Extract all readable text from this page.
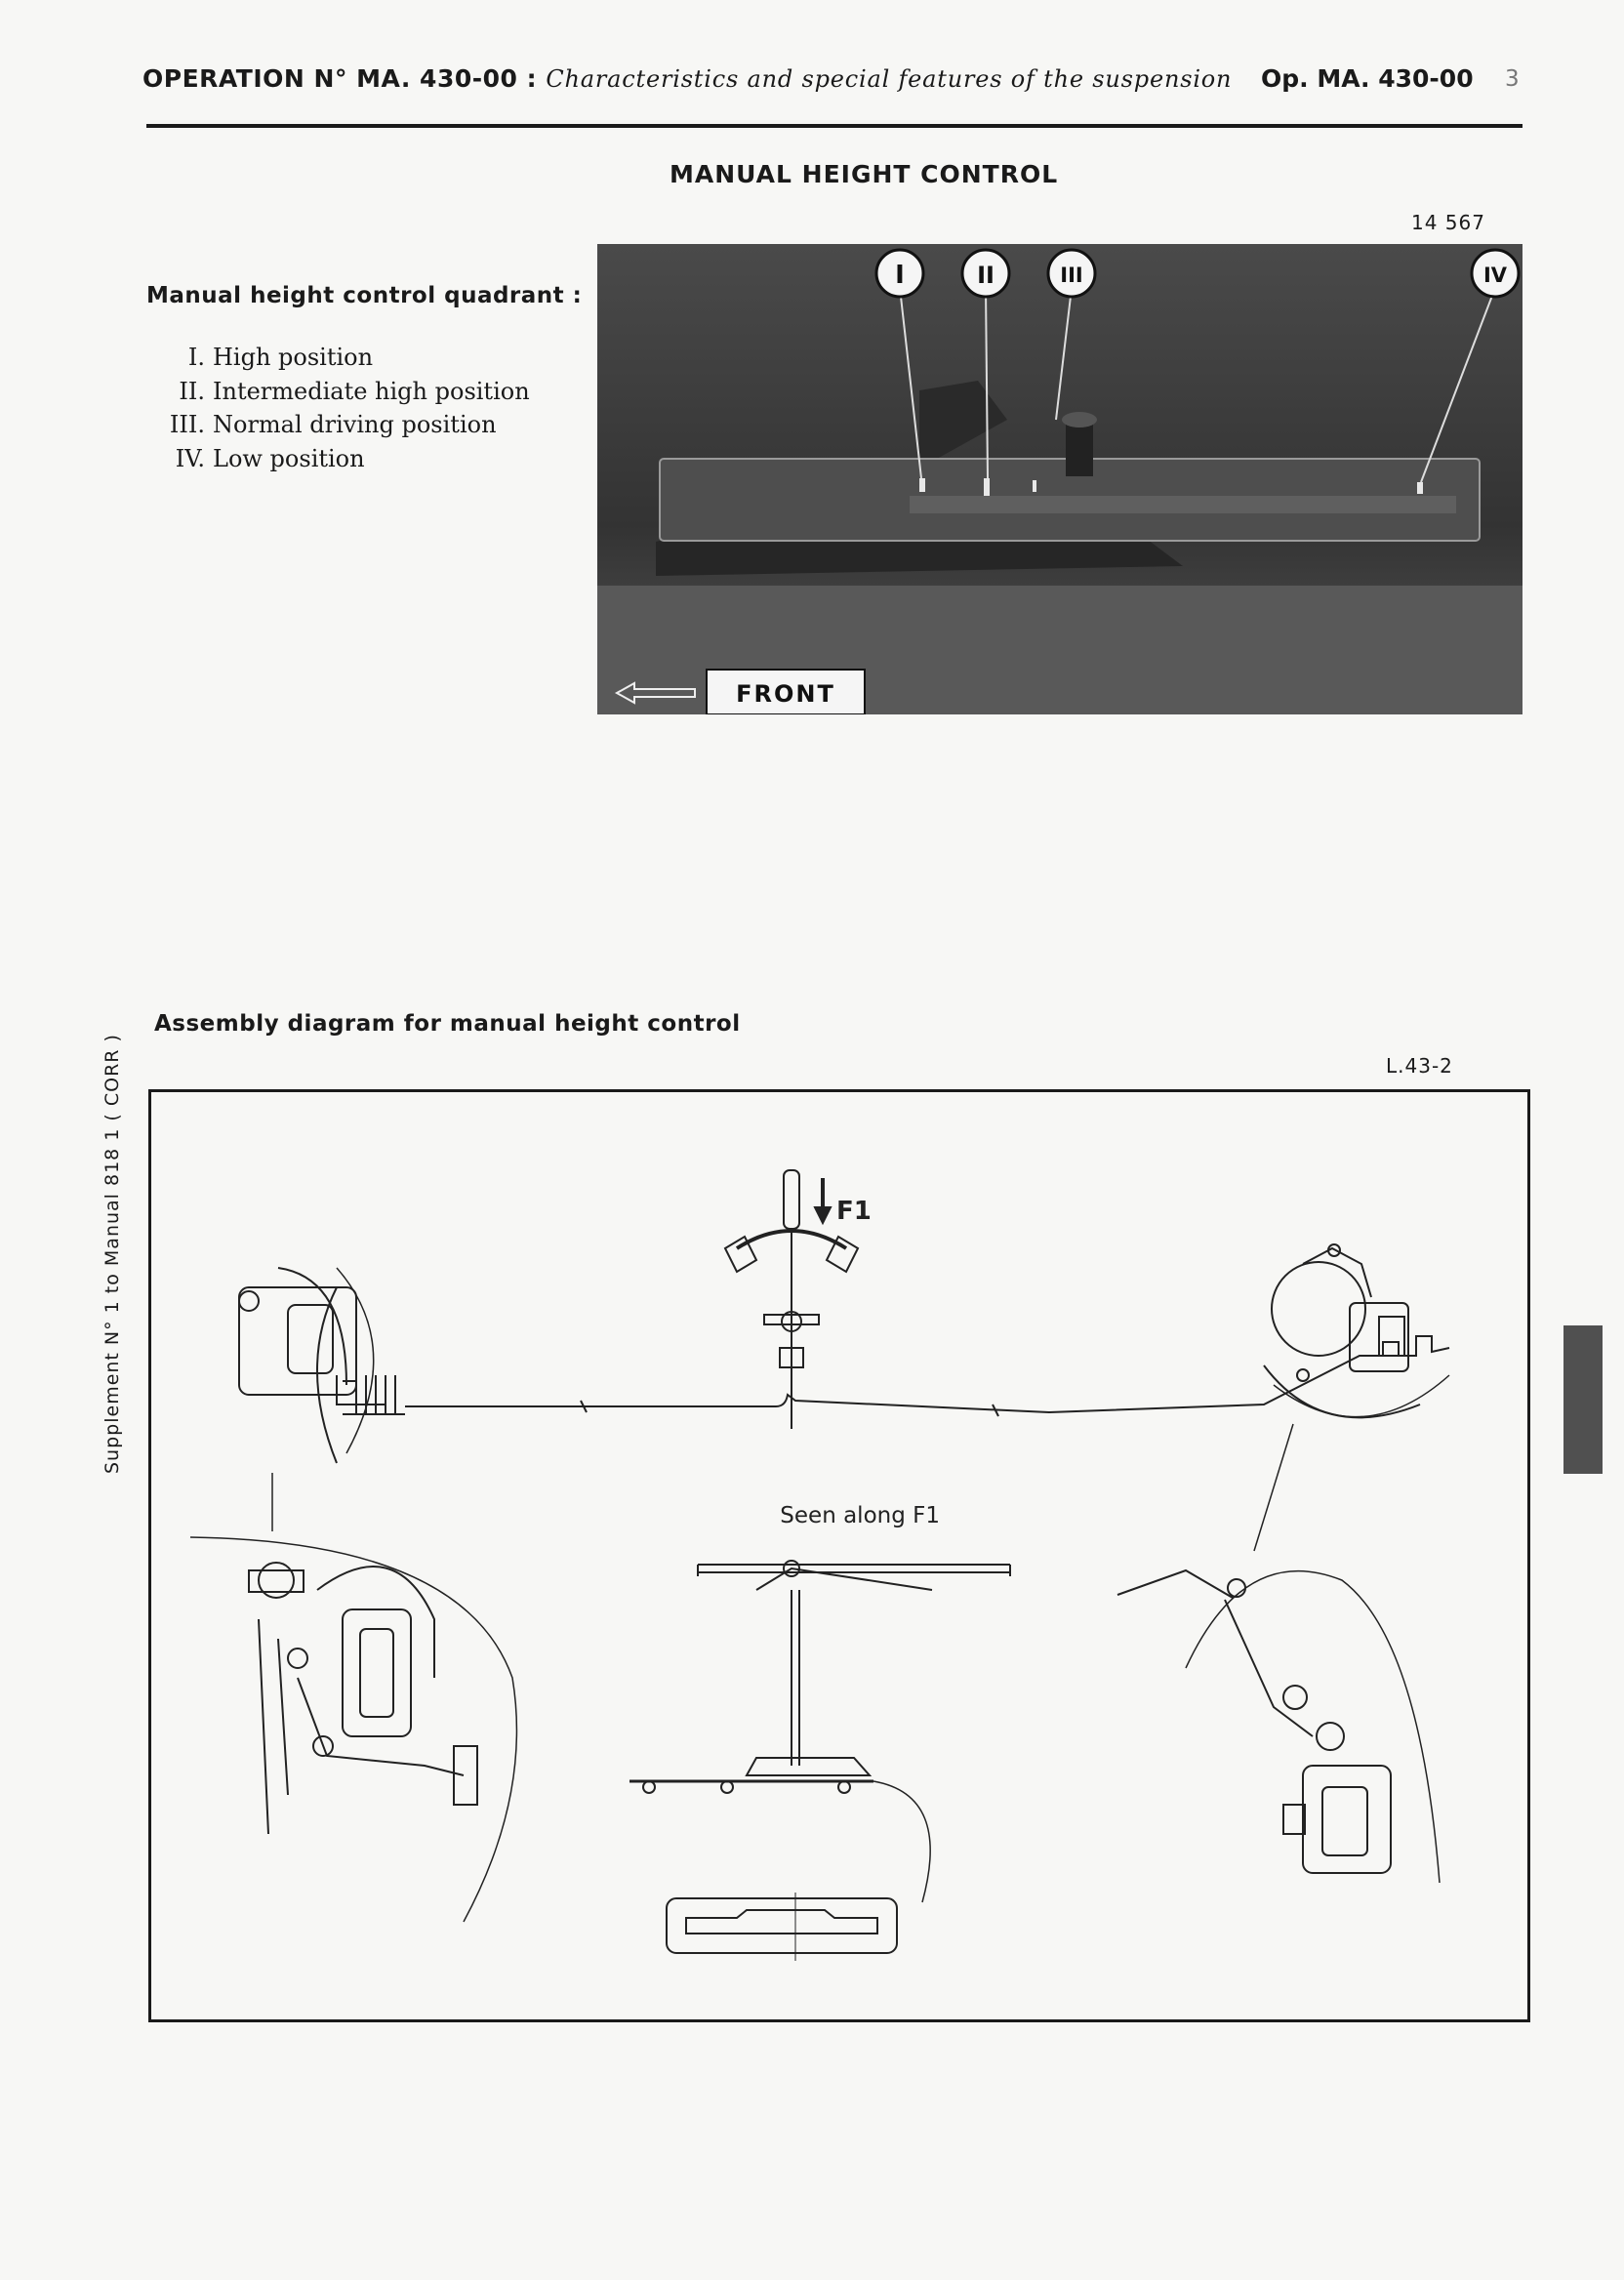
OPERATION N° MA. 430-00 : Characteristics and special features of the suspension Op. MA. 430-00 3
MANUAL HEIGHT CONTROL
Manual height control quadrant :
I. High position
II. Intermediate high position
III. Normal driving position
IV. Low position
14 567
I	II	III	IV
FRONT
Assembly diagram for manual height control
L.43-2
F1
Seen along F1
Supplement N° 1 to Manual 818 1 ( CORR )
